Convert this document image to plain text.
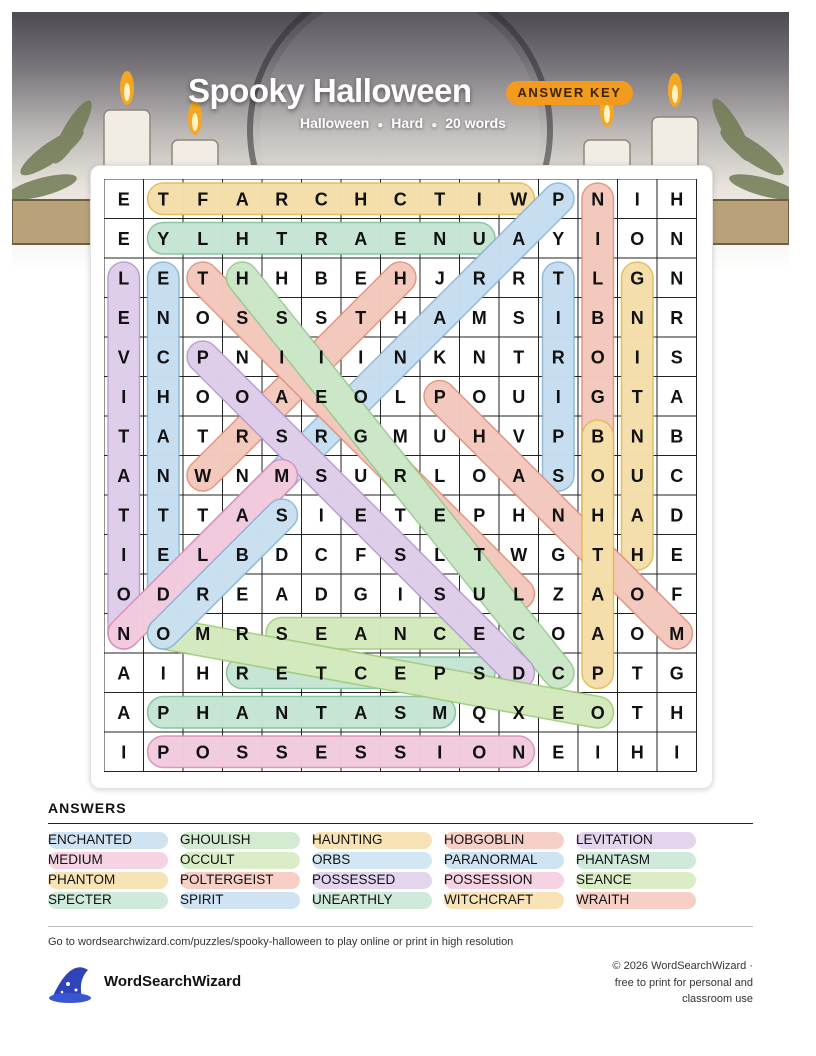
Spooky Halloween	ANSWER KEY
Halloween ● Hard ● 20 words
E T F A R C H C T I W P N I H
E Y L H T R A E N U A Y I O N
L E T H H B E H J R R T L G N
E N O S S S T H A M S I B N R
V C P N I I I N K N T R O I S
I H O O A E O L P O U I G T A
T A T R S R G M U H V P B N B
A N W N M S U R L O A S O U C
T T T A S I E T E P H N H A D
I E L B D C F S L T W G T H E
O D R E A D G I S U L Z A O F
N O M R S E A N C E C O A O M
A I H R E T C E P S D C P T G
A P H A N T A S M Q X E O T H
I P O S S E S S I O N E I H I
ANSWERS
ENCHANTED	GHOULISH	HAUNTING	HOBGOBLIN	LEVITATION
MEDIUM	OCCULT	ORBS	PARANORMAL	PHANTASM
PHANTOM	POLTERGEIST	POSSESSED	POSSESSION	SEANCE
SPECTER	SPIRIT	UNEARTHLY	WITCHCRAFT	WRAITH
Go to wordsearchwizard.com/puzzles/spooky-halloween to play online or print in high resolution
WordSearchWizard
© 2026 WordSearchWizard ·
free to print for personal and
classroom use
